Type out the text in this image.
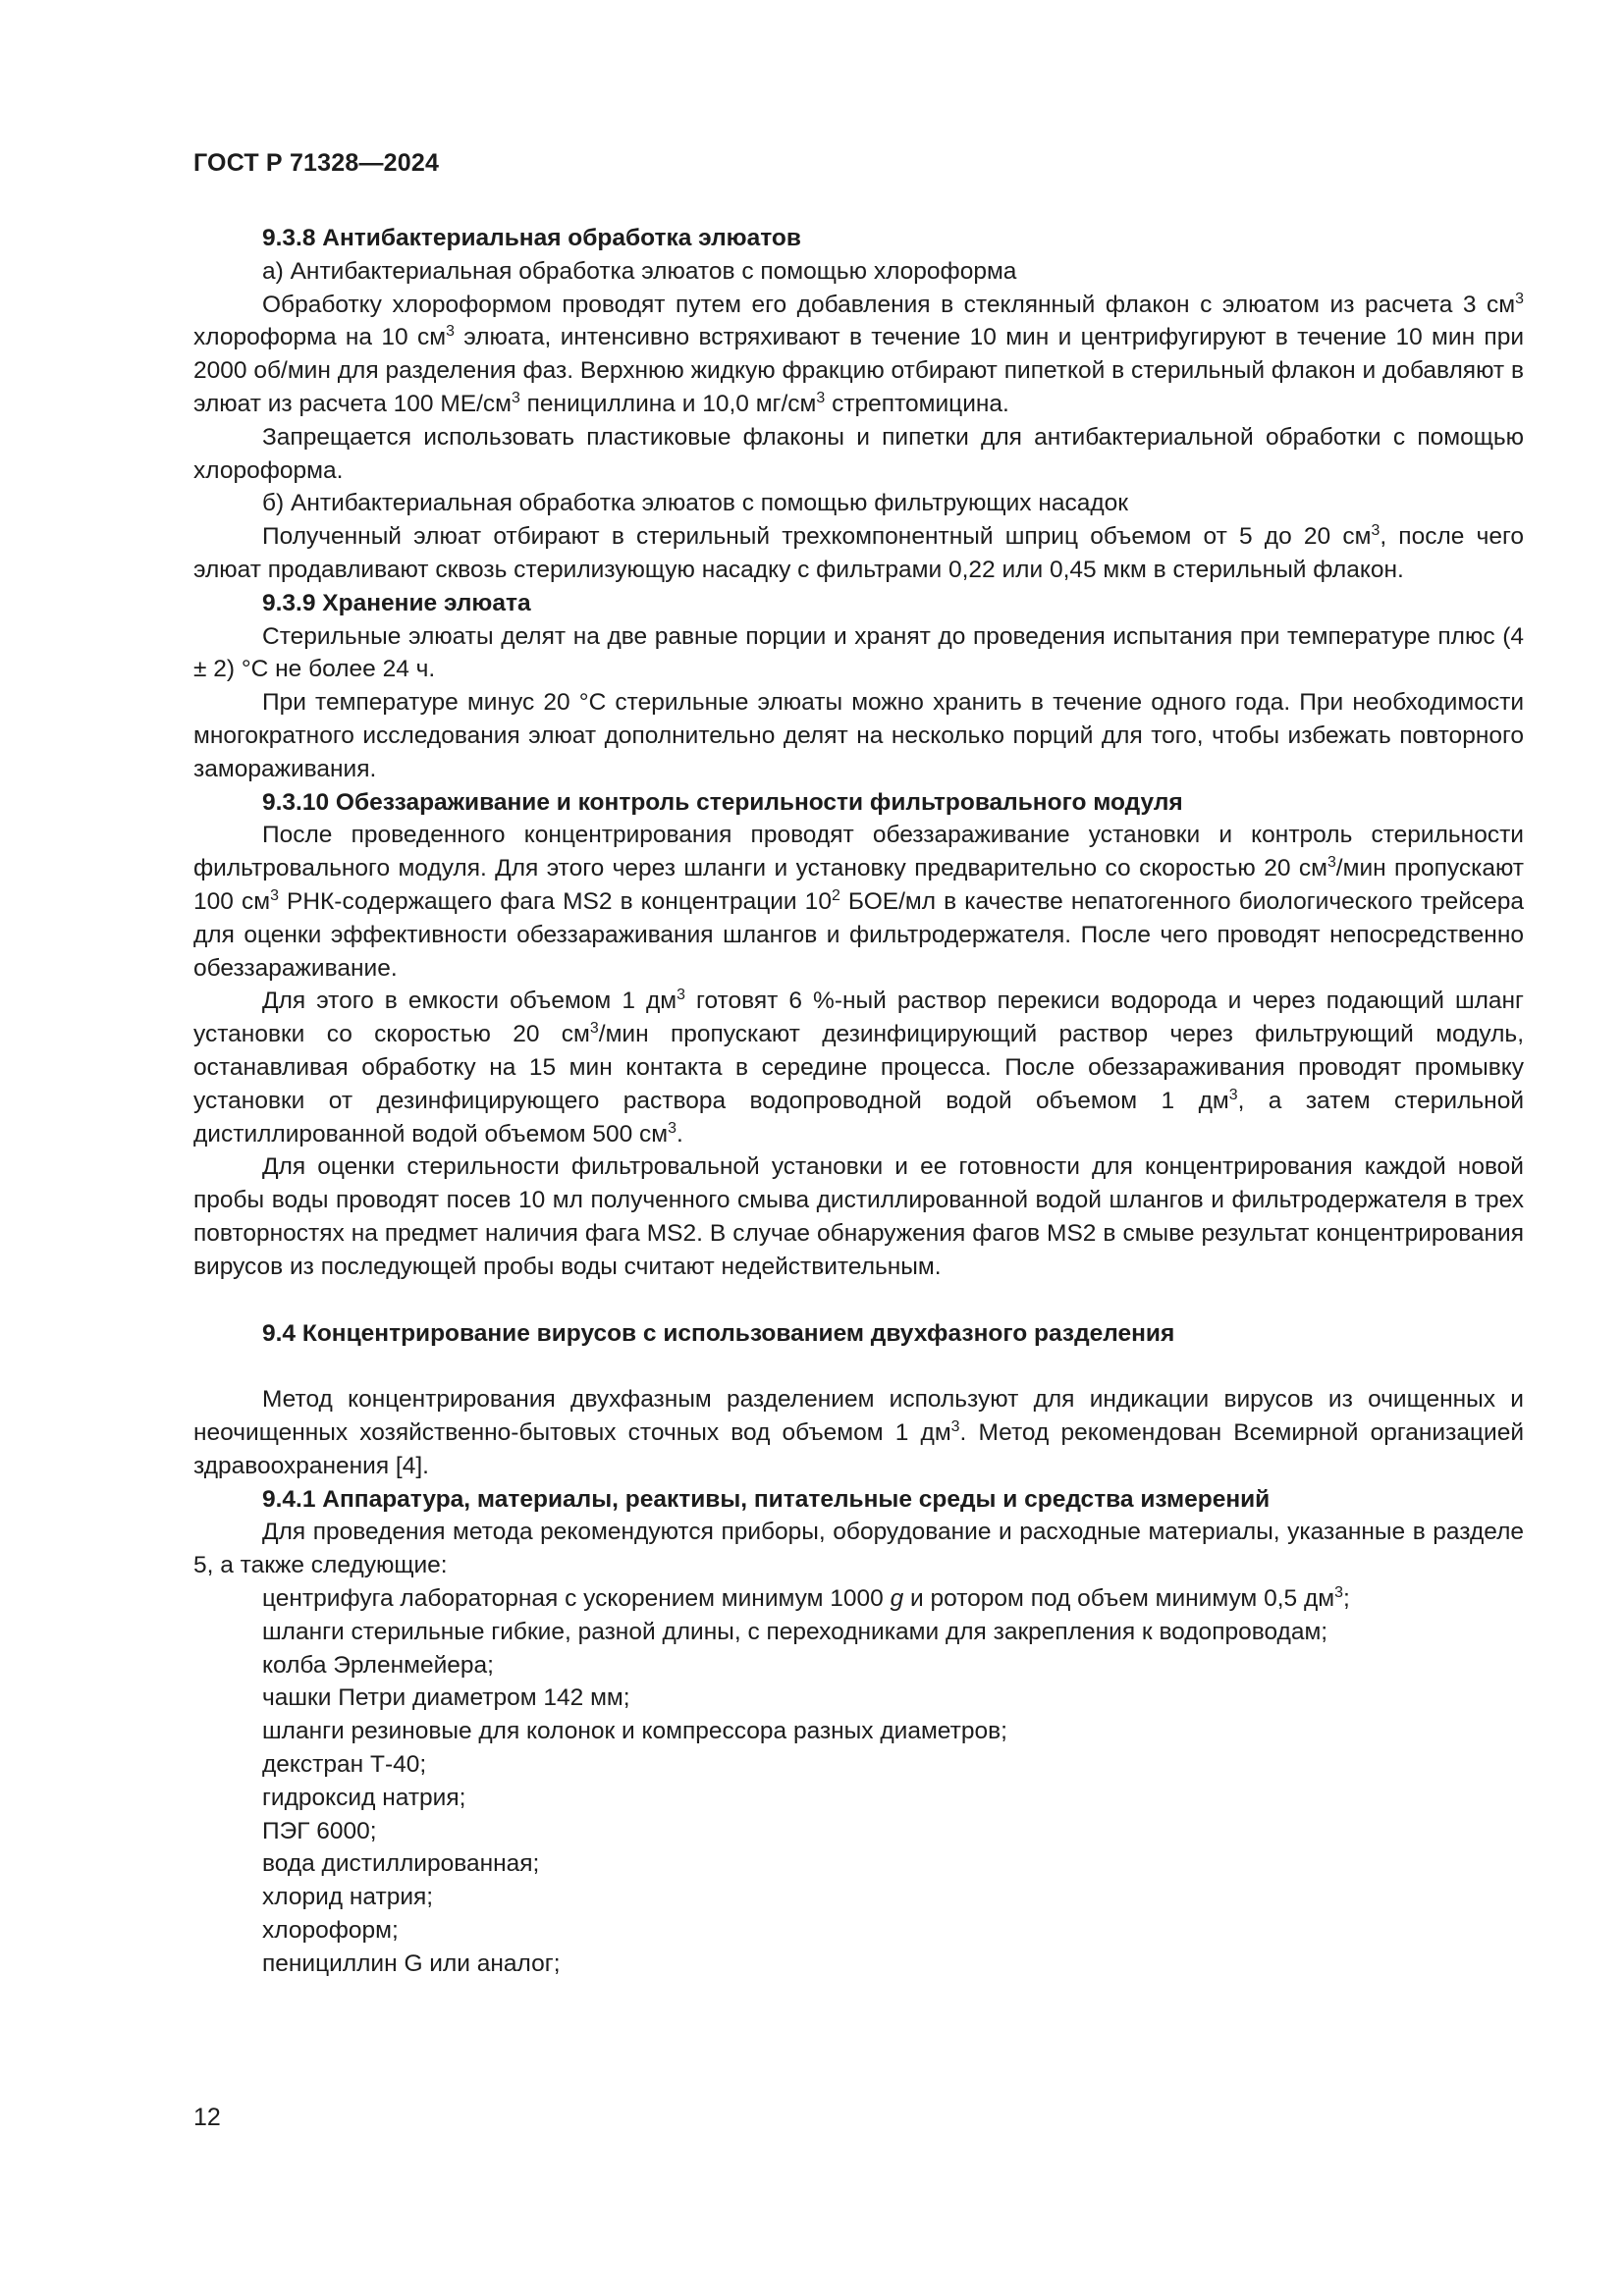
ГОСТ Р 71328—2024

9.3.8 Антибактериальная обработка элюатов

а) Антибактериальная обработка элюатов с помощью хлороформа

Обработку хлороформом проводят путем его добавления в стеклянный флакон с элюатом из расчета 3 $см^3$ хлороформа на 10 $см^3$ элюата, интенсивно встряхивают в течение 10 мин и центрифугируют в течение 10 мин при 2000 об/мин для разделения фаз. Верхнюю жидкую фракцию отбирают пипеткой в стерильный флакон и добавляют в элюат из расчета 100 $МЕ/см^3$ пенициллина и 10,0 $мг/см^3$ стрептомицина.

Запрещается использовать пластиковые флаконы и пипетки для антибактериальной обработки с помощью хлороформа.

б) Антибактериальная обработка элюатов с помощью фильтрующих насадок

Полученный элюат отбирают в стерильный трехкомпонентный шприц объемом от 5 до 20 $см^3$, после чего элюат продавливают сквозь стерилизующую насадку с фильтрами 0,22 или 0,45 мкм в стерильный флакон.

9.3.9 Хранение элюата

Стерильные элюаты делят на две равные порции и хранят до проведения испытания при температуре плюс (4 ± 2) °С не более 24 ч.

При температуре минус 20 °С стерильные элюаты можно хранить в течение одного года. При необходимости многократного исследования элюат дополнительно делят на несколько порций для того, чтобы избежать повторного замораживания.

9.3.10 Обеззараживание и контроль стерильности фильтровального модуля

После проведенного концентрирования проводят обеззараживание установки и контроль стерильности фильтровального модуля. Для этого через шланги и установку предварительно со скоростью 20 $см^3$/мин пропускают 100 $см^3$ РНК-содержащего фага MS2 в концентрации $10^2$ БОЕ/мл в качестве непатогенного биологического трейсера для оценки эффективности обеззараживания шлангов и фильтродержателя. После чего проводят непосредственно обеззараживание.

Для этого в емкости объемом 1 $дм^3$ готовят 6 %-ный раствор перекиси водорода и через подающий шланг установки со скоростью 20 $см^3$/мин пропускают дезинфицирующий раствор через фильтрующий модуль, останавливая обработку на 15 мин контакта в середине процесса. После обеззараживания проводят промывку установки от дезинфицирующего раствора водопроводной водой объемом 1 $дм^3$, а затем стерильной дистиллированной водой объемом 500 $см^3$.

Для оценки стерильности фильтровальной установки и ее готовности для концентрирования каждой новой пробы воды проводят посев 10 мл полученного смыва дистиллированной водой шлангов и фильтродержателя в трех повторностях на предмет наличия фага MS2. В случае обнаружения фагов MS2 в смыве результат концентрирования вирусов из последующей пробы воды считают недействительным.

9.4 Концентрирование вирусов с использованием двухфазного разделения

Метод концентрирования двухфазным разделением используют для индикации вирусов из очищенных и неочищенных хозяйственно-бытовых сточных вод объемом 1 $дм^3$. Метод рекомендован Всемирной организацией здравоохранения [4].

9.4.1 Аппаратура, материалы, реактивы, питательные среды и средства измерений

Для проведения метода рекомендуются приборы, оборудование и расходные материалы, указанные в разделе 5, а также следующие:

центрифуга лабораторная с ускорением минимум 1000 g и ротором под объем минимум 0,5 $дм^3$;
шланги стерильные гибкие, разной длины, с переходниками для закрепления к водопроводам;
колба Эрленмейера;
чашки Петри диаметром 142 мм;
шланги резиновые для колонок и компрессора разных диаметров;
декстран Т-40;
гидроксид натрия;
ПЭГ 6000;
вода дистиллированная;
хлорид натрия;
хлороформ;
пенициллин G или аналог;
12
